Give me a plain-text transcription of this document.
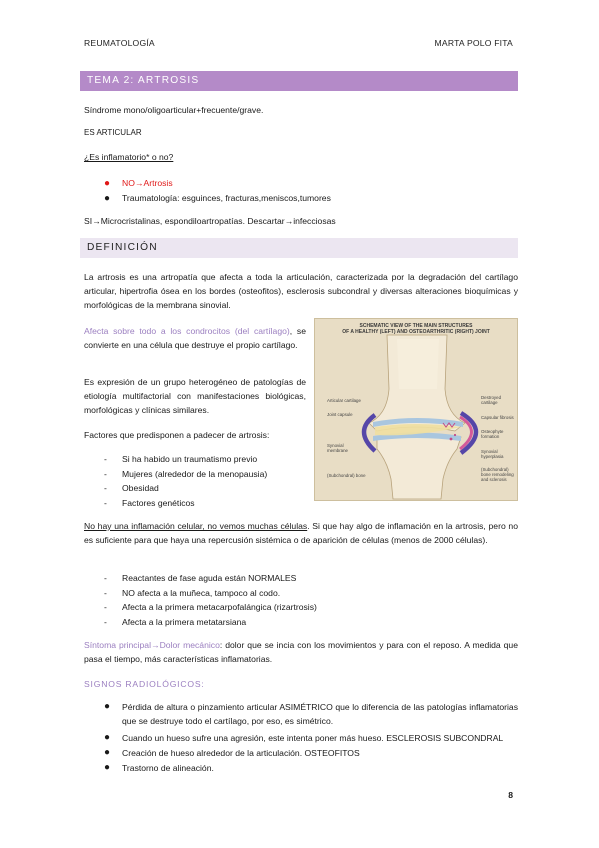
REUMATOLOGÍA	MARTA POLO FITA
TEMA 2: ARTROSIS
Síndrome mono/oligoarticular+frecuente/grave.
ES ARTICULAR
¿Es inflamatorio* o no?
● NO→Artrosis
● Traumatología: esguinces, fracturas,meniscos,tumores
SI→Microcristalinas, espondiloartropatías. Descartar→infecciosas
DEFINICIÓN
La artrosis es una artropatía que afecta a toda la articulación, caracterizada por la degradación del cartílago articular, hipertrofia ósea en los bordes (osteofitos), esclerosis subcondral y diversas alteraciones bioquímicas y morfológicas de la membrana sinovial.
Afecta sobre todo a los condrocitos (del cartílago), se convierte en una célula que destruye el propio cartílago.
Es expresión de un grupo heterogéneo de patologías de etiología multifactorial con manifestaciones biológicas, morfológicas y clínicas similares.
Factores que predisponen a padecer de artrosis:
- Si ha habido un traumatismo previo
- Mujeres (alrededor de la menopausia)
- Obesidad
- Factores genéticos
SCHEMATIC VIEW OF THE MAIN STRUCTURES
OF A HEALTHY (LEFT) AND OSTEOARTHRITIC (RIGHT) JOINT
Articular cartilage
Joint capsule
Synovial membrane
(Subchondral) bone
Destroyed cartilage
Capsular fibrosis
Osteophyte formation
Synovial hyperplasia
(Subchondral) bone remodeling and sclerosis
No hay una inflamación celular, no vemos muchas células. Si que hay algo de inflamación en la artrosis, pero no es suficiente para que haya una repercusión sistémica o de aparición de células (menos de 2000 células).
- Reactantes de fase aguda están NORMALES
- NO afecta a la muñeca, tampoco al codo.
- Afecta a la primera metacarpofalángica (rizartrosis)
- Afecta a la primera metatarsiana
Síntoma principal→Dolor mecánico: dolor que se incia con los movimientos y para con el reposo. A medida que pasa el tiempo, más características inflamatorias.
SIGNOS RADIOLÓGICOS:
● Pérdida de altura o pinzamiento articular ASIMÉTRICO que lo diferencia de las patologías inflamatorias que se destruye todo el cartílago, por eso, es simétrico.
● Cuando un hueso sufre una agresión, este intenta poner más hueso. ESCLEROSIS SUBCONDRAL
● Creación de hueso alrededor de la articulación. OSTEOFITOS
● Trastorno de alineación.
8
